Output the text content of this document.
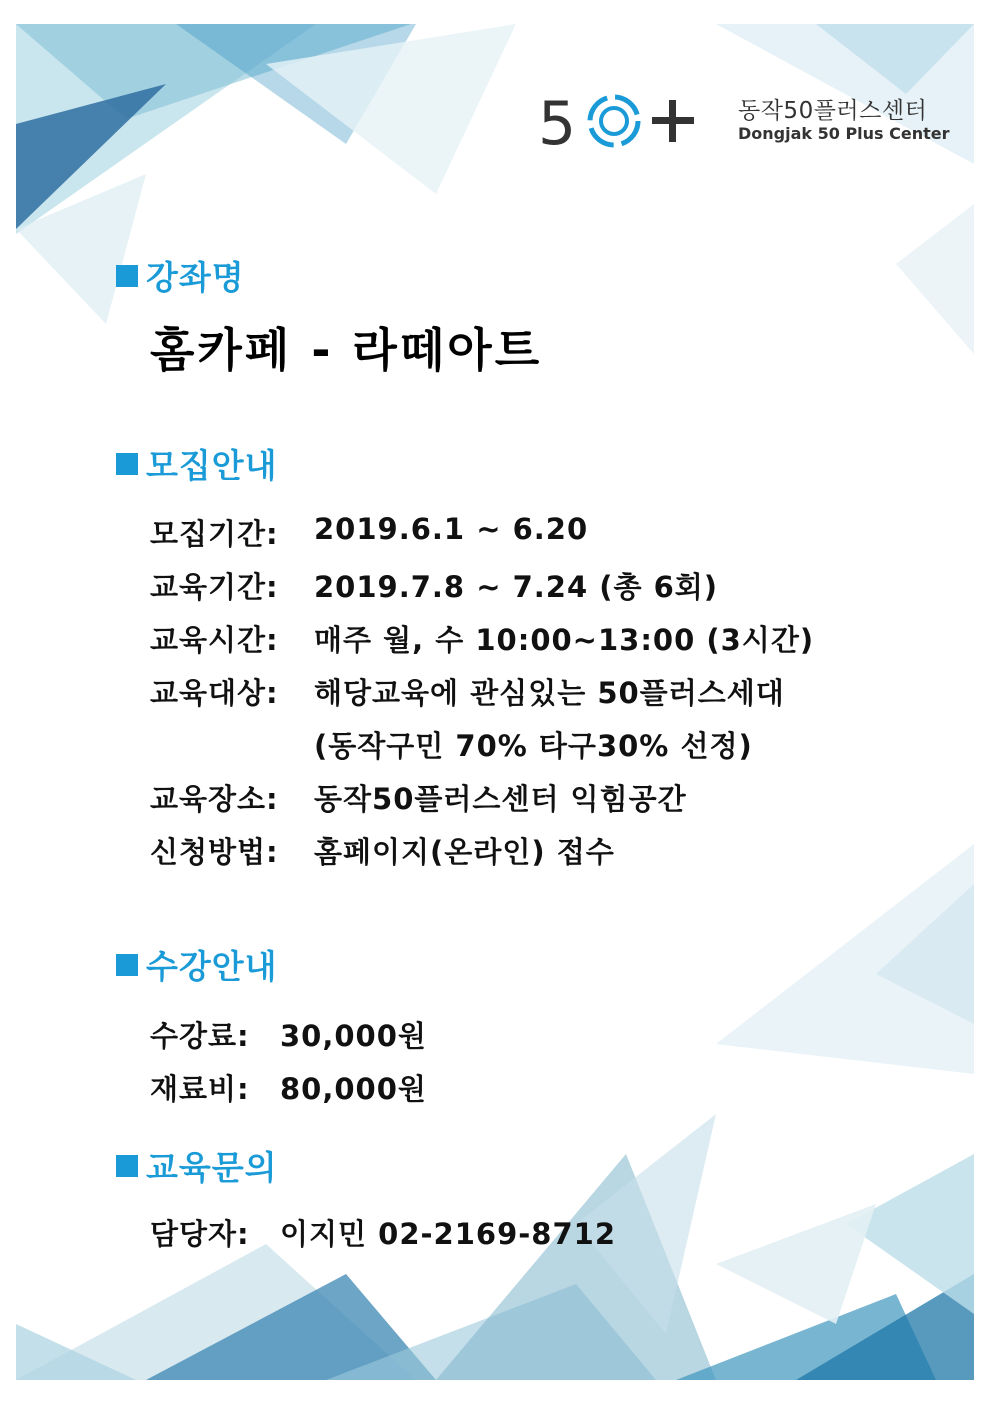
5	동작50플러스센터
Dongjak 50 Plus Center
강좌명
홈카페 - 라떼아트
모집안내
모집기간: 2019.6.1 ~ 6.20
교육기간: 2019.7.8 ~ 7.24 (총 6회)
교육시간: 매주 월, 수 10:00~13:00 (3시간)
교육대상: 해당교육에 관심있는 50플러스세대
(동작구민 70% 타구30% 선정)
교육장소: 동작50플러스센터 익힘공간
신청방법: 홈페이지(온라인) 접수
수강안내
수강료: 30,000원
재료비: 80,000원
교육문의
담당자: 이지민 02-2169-8712
